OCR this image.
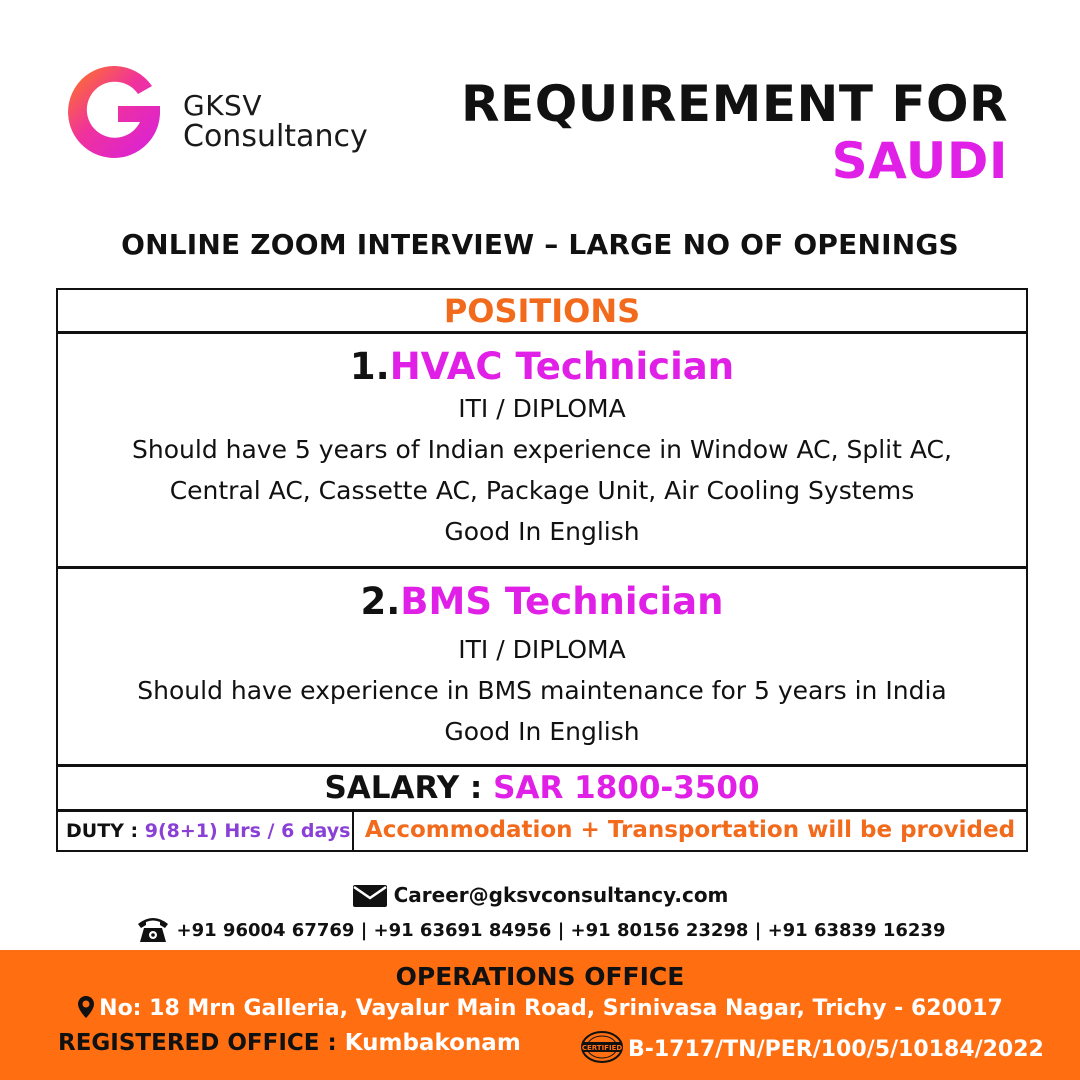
GKSV
Consultancy
REQUIREMENT FOR
SAUDI
ONLINE ZOOM INTERVIEW – LARGE NO OF OPENINGS
POSITIONS
1.HVAC Technician
ITI / DIPLOMA
Should have 5 years of Indian experience in Window AC, Split AC,
Central AC, Cassette AC, Package Unit, Air Cooling Systems
Good In English
2.BMS Technician
ITI / DIPLOMA
Should have experience in BMS maintenance for 5 years in India
Good In English
SALARY : SAR 1800-3500
DUTY : 9(8+1) Hrs / 6 days Accommodation + Transportation will be provided
Career@gksvconsultancy.com
+91 96004 67769 | +91 63691 84956 | +91 80156 23298 | +91 63839 16239
OPERATIONS OFFICE
No: 18 Mrn Galleria, Vayalur Main Road, Srinivasa Nagar, Trichy - 620017
REGISTERED OFFICE : Kumbakonam	CERTIFIED B-1717/TN/PER/100/5/10184/2022
